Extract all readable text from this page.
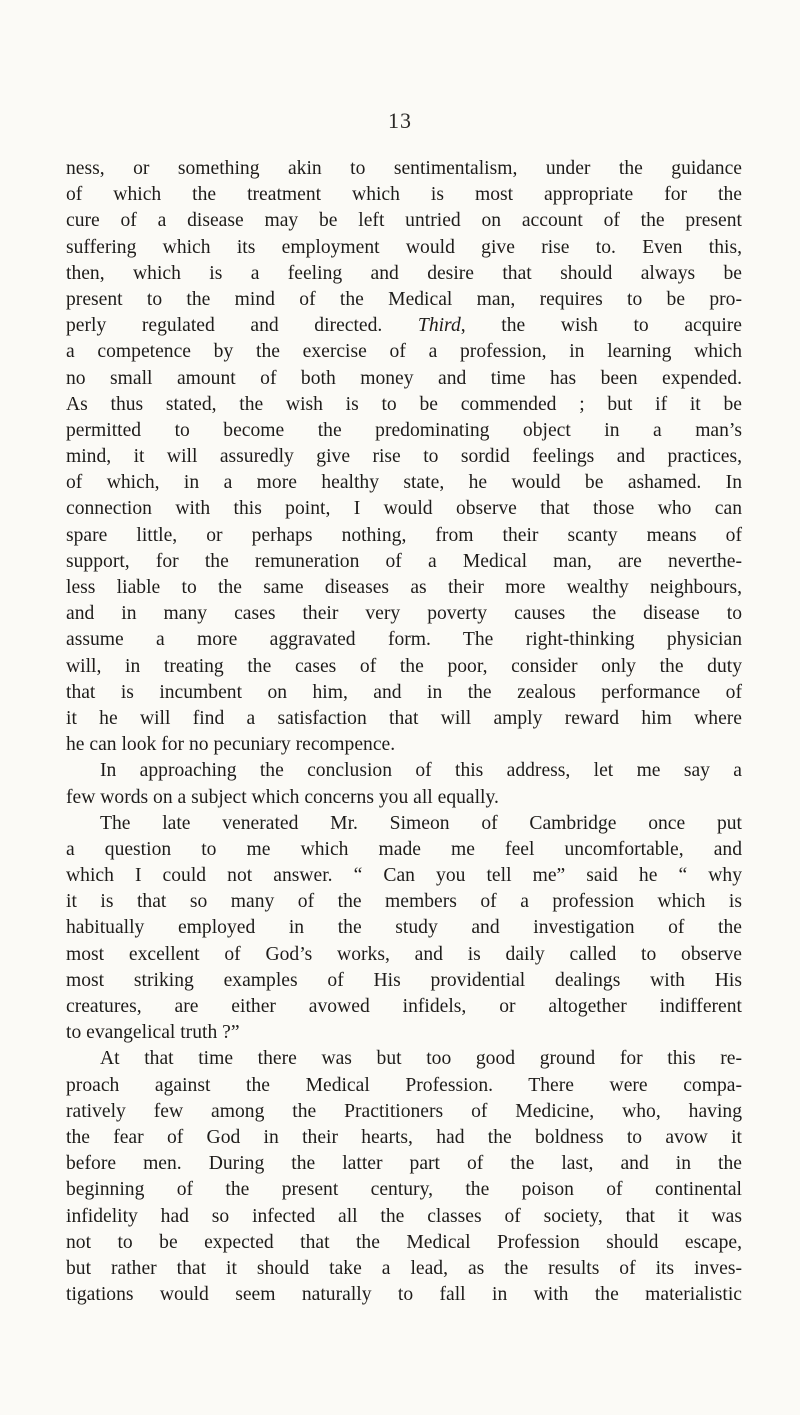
13
ness, or something akin to sentimentalism, under the guidance
of which the treatment which is most appropriate for the
cure of a disease may be left untried on account of the present
suffering which its employment would give rise to. Even this,
then, which is a feeling and desire that should always be
present to the mind of the Medical man, requires to be pro-
perly regulated and directed. Third, the wish to acquire
a competence by the exercise of a profession, in learning which
no small amount of both money and time has been expended.
As thus stated, the wish is to be commended ; but if it be
permitted to become the predominating object in a man’s
mind, it will assuredly give rise to sordid feelings and practices,
of which, in a more healthy state, he would be ashamed. In
connection with this point, I would observe that those who can
spare little, or perhaps nothing, from their scanty means of
support, for the remuneration of a Medical man, are neverthe-
less liable to the same diseases as their more wealthy neighbours,
and in many cases their very poverty causes the disease to
assume a more aggravated form. The right-thinking physician
will, in treating the cases of the poor, consider only the duty
that is incumbent on him, and in the zealous performance of
it he will find a satisfaction that will amply reward him where
he can look for no pecuniary recompence.
In approaching the conclusion of this address, let me say a
few words on a subject which concerns you all equally.
The late venerated Mr. Simeon of Cambridge once put
a question to me which made me feel uncomfortable, and
which I could not answer. “ Can you tell me” said he “ why
it is that so many of the members of a profession which is
habitually employed in the study and investigation of the
most excellent of God’s works, and is daily called to observe
most striking examples of His providential dealings with His
creatures, are either avowed infidels, or altogether indifferent
to evangelical truth ?”
At that time there was but too good ground for this re-
proach against the Medical Profession. There were compa-
ratively few among the Practitioners of Medicine, who, having
the fear of God in their hearts, had the boldness to avow it
before men. During the latter part of the last, and in the
beginning of the present century, the poison of continental
infidelity had so infected all the classes of society, that it was
not to be expected that the Medical Profession should escape,
but rather that it should take a lead, as the results of its inves-
tigations would seem naturally to fall in with the materialistic
